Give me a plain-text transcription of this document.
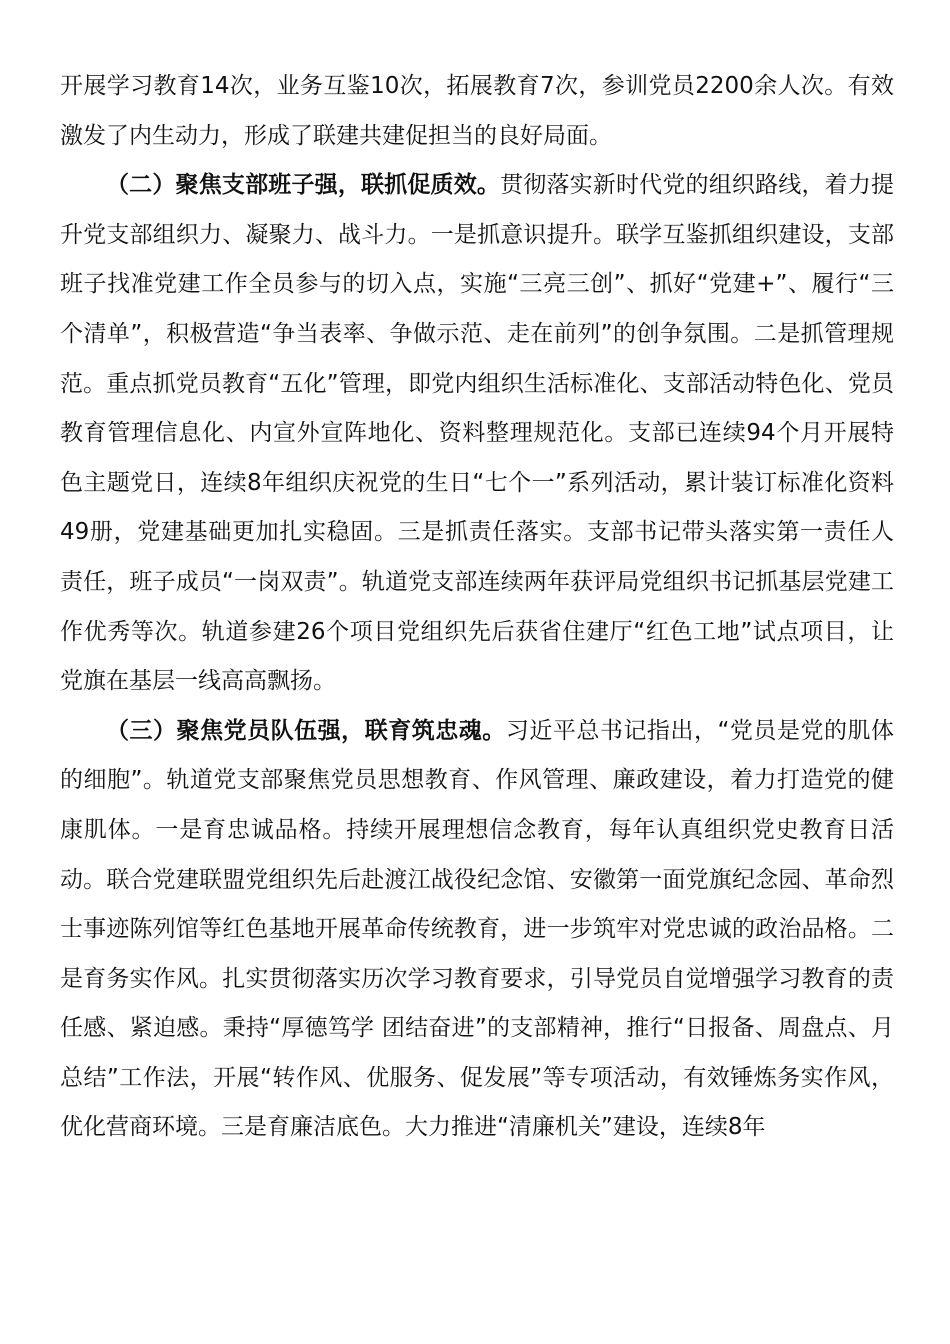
开展学习教育14次，业务互鉴10次，拓展教育7次，参训党员2200余人次。有效激发了内生动力，形成了联建共建促担当的良好局面。

（二）聚焦支部班子强，联抓促质效。贯彻落实新时代党的组织路线，着力提升党支部组织力、凝聚力、战斗力。一是抓意识提升。联学互鉴抓组织建设，支部班子找准党建工作全员参与的切入点，实施“三亮三创”、抓好“党建+”、履行“三个清单”，积极营造“争当表率、争做示范、走在前列”的创争氛围。二是抓管理规范。重点抓党员教育“五化”管理，即党内组织生活标准化、支部活动特色化、党员教育管理信息化、内宣外宣阵地化、资料整理规范化。支部已连续94个月开展特色主题党日，连续8年组织庆祝党的生日“七个一”系列活动，累计装订标准化资料49册，党建基础更加扎实稳固。三是抓责任落实。支部书记带头落实第一责任人责任，班子成员“一岗双责”。轨道党支部连续两年获评局党组织书记抓基层党建工作优秀等次。轨道参建26个项目党组织先后获省住建厅“红色工地”试点项目，让党旗在基层一线高高飘扬。

（三）聚焦党员队伍强，联育筑忠魂。习近平总书记指出，“党员是党的肌体的细胞”。轨道党支部聚焦党员思想教育、作风管理、廉政建设，着力打造党的健康肌体。一是育忠诚品格。持续开展理想信念教育，每年认真组织党史教育日活动。联合党建联盟党组织先后赴渡江战役纪念馆、安徽第一面党旗纪念园、革命烈士事迹陈列馆等红色基地开展革命传统教育，进一步筑牢对党忠诚的政治品格。二是育务实作风。扎实贯彻落实历次学习教育要求，引导党员自觉增强学习教育的责任感、紧迫感。秉持“厚德笃学 团结奋进”的支部精神，推行“日报备、周盘点、月总结”工作法，开展“转作风、优服务、促发展”等专项活动，有效锤炼务实作风，优化营商环境。三是育廉洁底色。大力推进“清廉机关”建设，连续8年
